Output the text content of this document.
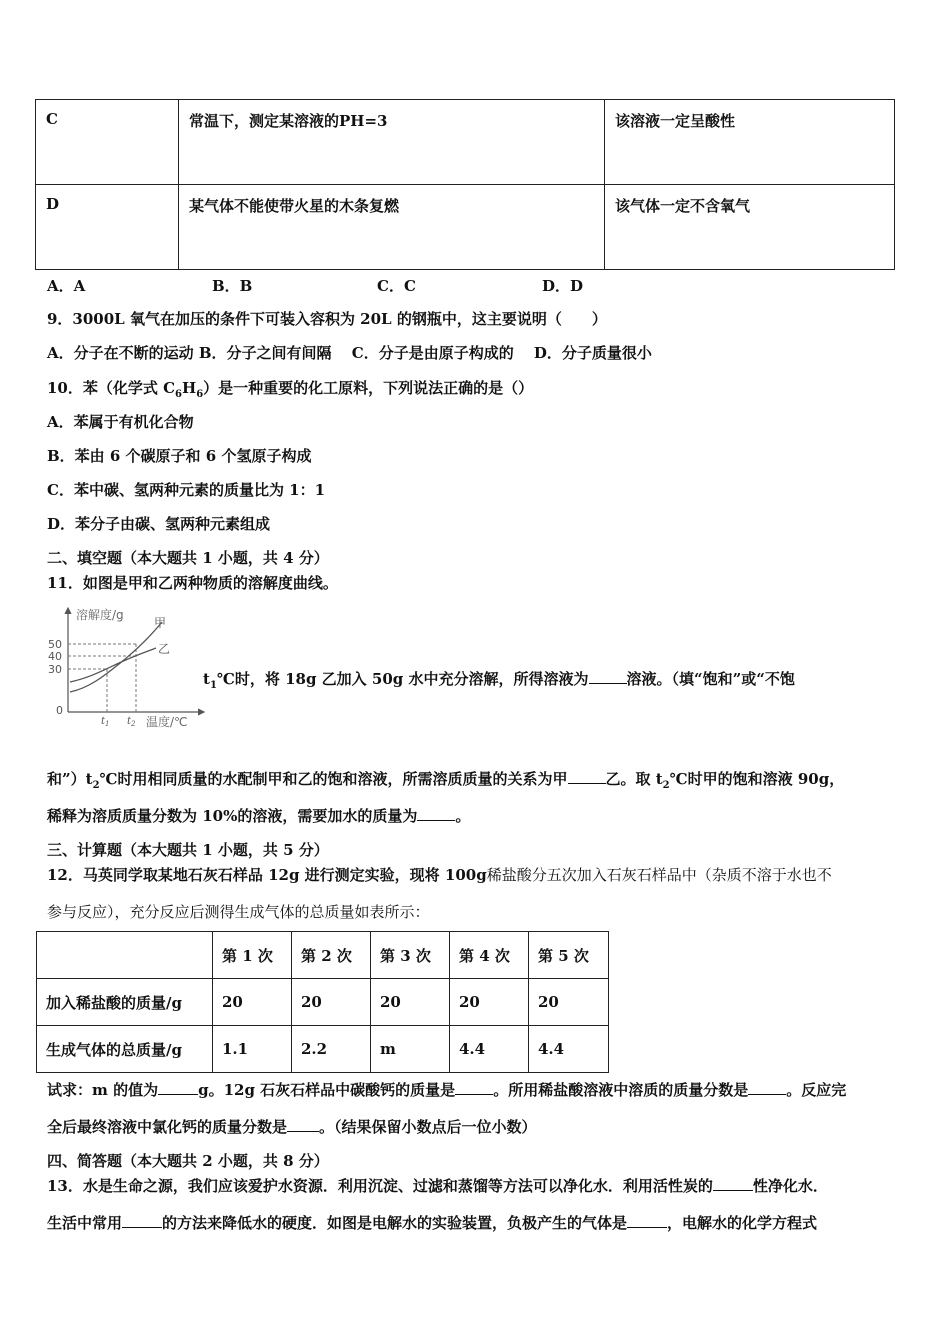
C	常温下，测定某溶液的PH=3	该溶液一定呈酸性
D	某气体不能使带火星的木条复燃	该气体一定不含氧气
A．A	B．B	C．C	D．D
9．3000L 氧气在加压的条件下可装入容积为 20L 的钢瓶中，这主要说明（　　）
A．分子在不断的运动 B．分子之间有间隔　 C．分子是由原子构成的　 D．分子质量很小
10．苯（化学式 $C_6H_6$）是一种重要的化工原料，下列说法正确的是（）
A．苯属于有机化合物
B．苯由 6 个碳原子和 6 个氢原子构成
C．苯中碳、氢两种元素的质量比为 1：1
D．苯分子由碳、氢两种元素组成
二、填空题（本大题共 1 小题，共 4 分）
11．如图是甲和乙两种物质的溶解度曲线。
溶解度/g
温度/℃
50
40
30
0
$t_1$ $t_2$
甲
乙
$t_1℃$时，将 18g 乙加入 50g 水中充分溶解，所得溶液为	溶液。（填“饱和”或“不饱
和$”)t_2℃$时用相同质量的水配制甲和乙的饱和溶液，所需溶质质量的关系为甲	乙。取 $t_2℃$时甲的饱和溶液 90g，
稀释为溶质质量分数为 10%的溶液，需要加水的质量为	。
三、计算题（本大题共 1 小题，共 5 分）
12．马英同学取某地石灰石样品 12g 进行测定实验，现将 100g稀盐酸分五次加入石灰石样品中（杂质不溶于水也不
参与反应），充分反应后测得生成气体的总质量如表所示：
	第 1 次	第 2 次	第 3 次	第 4 次	第 5 次
加入稀盐酸的质量/g	20	20	20	20	20
生成气体的总质量/g	1.1	2.2	m	4.4	4.4
试求：m 的值为	g。12g 石灰石样品中碳酸钙的质量是	。所用稀盐酸溶液中溶质的质量分数是	。反应完
全后最终溶液中氯化钙的质量分数是 。（结果保留小数点后一位小数）
四、简答题（本大题共 2 小题，共 8 分）
13．水是生命之源，我们应该爱护水资源．利用沉淀、过滤和蒸馏等方法可以净化水．利用活性炭的	性净化水．
生活中常用	的方法来降低水的硬度．如图是电解水的实验装置，负极产生的气体是	，电解水的化学方程式
